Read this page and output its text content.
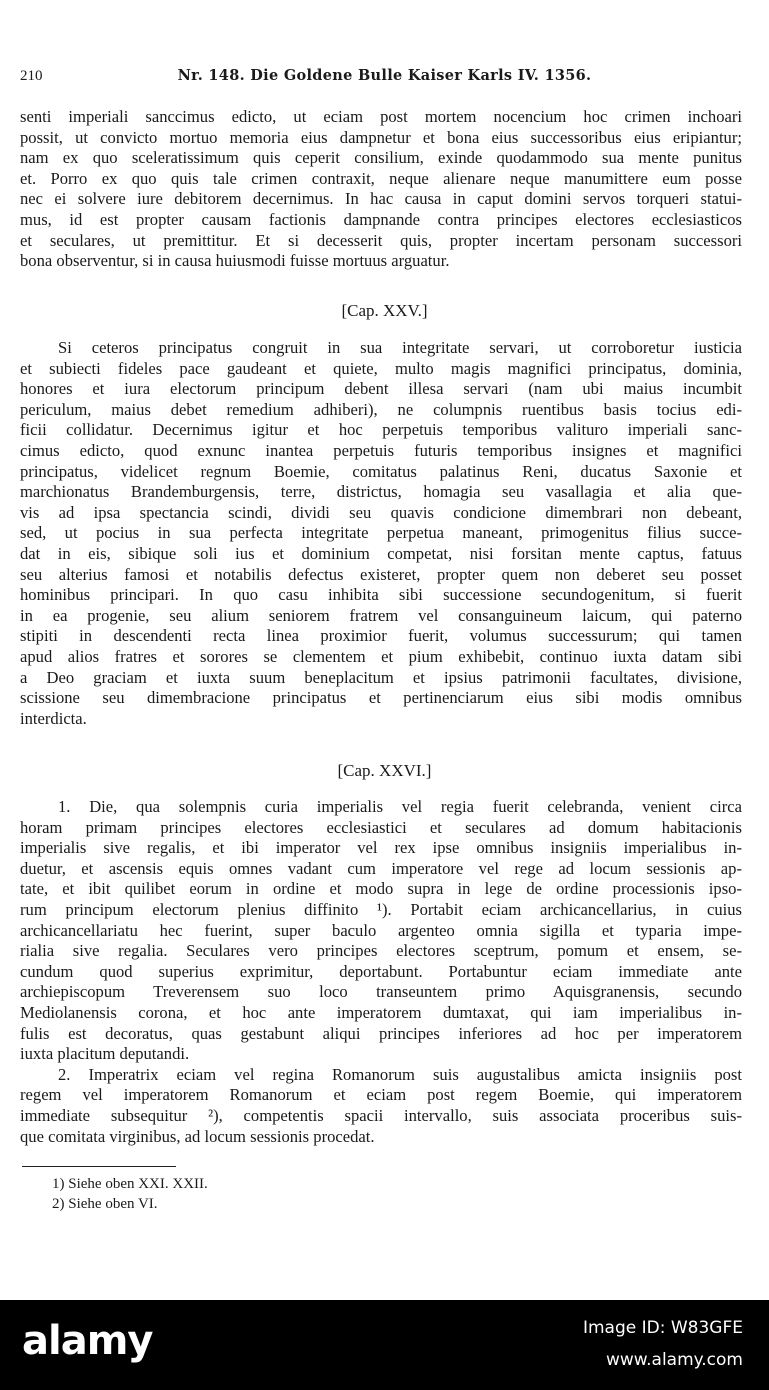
210	Nr. 148. Die Goldene Bulle Kaiser Karls IV. 1356.
senti imperiali sanccimus edicto, ut eciam post mortem nocencium hoc crimen inchoari
possit, ut convicto mortuo memoria eius dampnetur et bona eius successoribus eius eripiantur;
nam ex quo sceleratissimum quis ceperit consilium, exinde quodammodo sua mente punitus
et. Porro ex quo quis tale crimen contraxit, neque alienare neque manumittere eum posse
nec ei solvere iure debitorem decernimus. In hac causa in caput domini servos torqueri statui-
mus, id est propter causam factionis dampnande contra principes electores ecclesiasticos
et seculares, ut premittitur. Et si decesserit quis, propter incertam personam successori
bona observentur, si in causa huiusmodi fuisse mortuus arguatur.
[Cap. XXV.]
Si ceteros principatus congruit in sua integritate servari, ut corroboretur iusticia
et subiecti fideles pace gaudeant et quiete, multo magis magnifici principatus, dominia,
honores et iura electorum principum debent illesa servari (nam ubi maius incumbit
periculum, maius debet remedium adhiberi), ne columpnis ruentibus basis tocius edi-
ficii collidatur. Decernimus igitur et hoc perpetuis temporibus valituro imperiali sanc-
cimus edicto, quod exnunc inantea perpetuis futuris temporibus insignes et magnifici
principatus, videlicet regnum Boemie, comitatus palatinus Reni, ducatus Saxonie et
marchionatus Brandemburgensis, terre, districtus, homagia seu vasallagia et alia que-
vis ad ipsa spectancia scindi, dividi seu quavis condicione dimembrari non debeant,
sed, ut pocius in sua perfecta integritate perpetua maneant, primogenitus filius succe-
dat in eis, sibique soli ius et dominium competat, nisi forsitan mente captus, fatuus
seu alterius famosi et notabilis defectus existeret, propter quem non deberet seu posset
hominibus principari. In quo casu inhibita sibi successione secundogenitum, si fuerit
in ea progenie, seu alium seniorem fratrem vel consanguineum laicum, qui paterno
stipiti in descendenti recta linea proximior fuerit, volumus successurum; qui tamen
apud alios fratres et sorores se clementem et pium exhibebit, continuo iuxta datam sibi
a Deo graciam et iuxta suum beneplacitum et ipsius patrimonii facultates, divisione,
scissione seu dimembracione principatus et pertinenciarum eius sibi modis omnibus
interdicta.
[Cap. XXVI.]
1. Die, qua solempnis curia imperialis vel regia fuerit celebranda, venient circa
horam primam principes electores ecclesiastici et seculares ad domum habitacionis
imperialis sive regalis, et ibi imperator vel rex ipse omnibus insigniis imperialibus in-
duetur, et ascensis equis omnes vadant cum imperatore vel rege ad locum sessionis ap-
tate, et ibit quilibet eorum in ordine et modo supra in lege de ordine processionis ipso-
rum principum electorum plenius diffinito ¹). Portabit eciam archicancellarius, in cuius
archicancellariatu hec fuerint, super baculo argenteo omnia sigilla et typaria impe-
rialia sive regalia. Seculares vero principes electores sceptrum, pomum et ensem, se-
cundum quod superius exprimitur, deportabunt. Portabuntur eciam immediate ante
archiepiscopum Treverensem suo loco transeuntem primo Aquisgranensis, secundo
Mediolanensis corona, et hoc ante imperatorem dumtaxat, qui iam imperialibus in-
fulis est decoratus, quas gestabunt aliqui principes inferiores ad hoc per imperatorem
iuxta placitum deputandi.
2. Imperatrix eciam vel regina Romanorum suis augustalibus amicta insigniis post
regem vel imperatorem Romanorum et eciam post regem Boemie, qui imperatorem
immediate subsequitur ²), competentis spacii intervallo, suis associata proceribus suis-
que comitata virginibus, ad locum sessionis procedat.
1) Siehe oben XXI. XXII.
2) Siehe oben VI.
alamy	Image ID: W83GFE
www.alamy.com
